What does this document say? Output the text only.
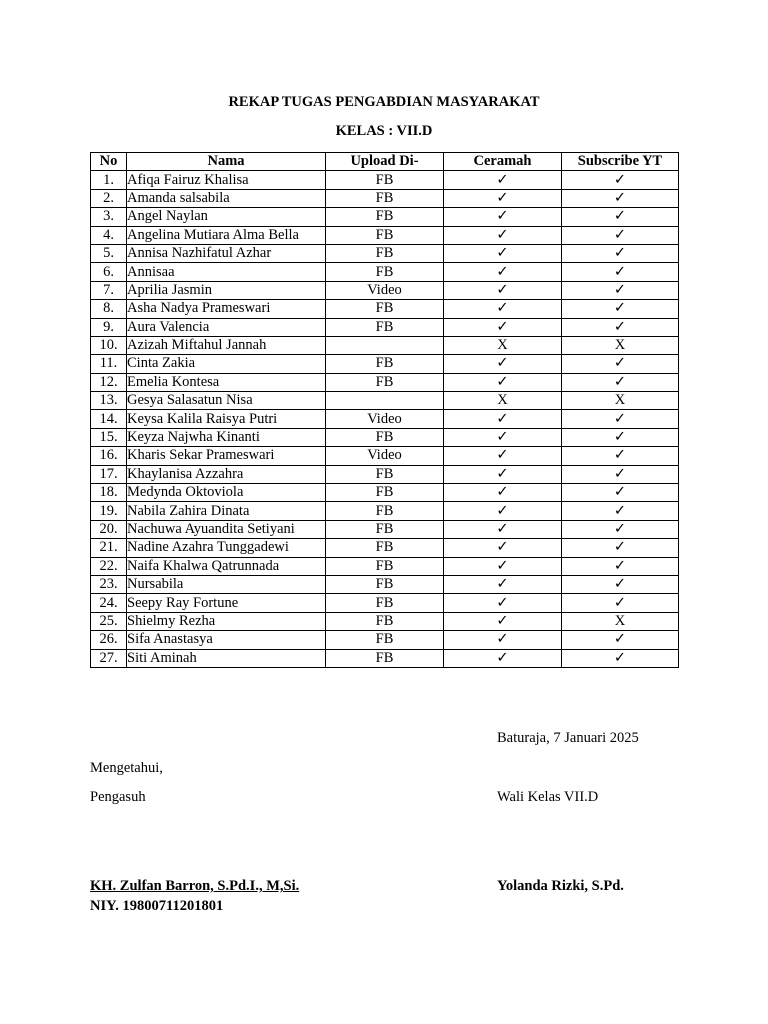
REKAP TUGAS PENGABDIAN MASYARAKAT
KELAS : VII.D
No	Nama	Upload Di-	Ceramah	Subscribe YT
1.	Afiqa Fairuz Khalisa	FB	✓	✓
2.	Amanda salsabila	FB	✓	✓
3.	Angel Naylan	FB	✓	✓
4.	Angelina Mutiara Alma Bella	FB	✓	✓
5.	Annisa Nazhifatul Azhar	FB	✓	✓
6.	Annisaa	FB	✓	✓
7.	Aprilia Jasmin	Video	✓	✓
8.	Asha Nadya Prameswari	FB	✓	✓
9.	Aura Valencia	FB	✓	✓
10.	Azizah Miftahul Jannah		X	X
11.	Cinta Zakia	FB	✓	✓
12.	Emelia Kontesa	FB	✓	✓
13.	Gesya Salasatun Nisa		X	X
14.	Keysa Kalila Raisya Putri	Video	✓	✓
15.	Keyza Najwha Kinanti	FB	✓	✓
16.	Kharis Sekar Prameswari	Video	✓	✓
17.	Khaylanisa Azzahra	FB	✓	✓
18.	Medynda Oktoviola	FB	✓	✓
19.	Nabila Zahira Dinata	FB	✓	✓
20.	Nachuwa Ayuandita Setiyani	FB	✓	✓
21.	Nadine Azahra Tunggadewi	FB	✓	✓
22.	Naifa Khalwa Qatrunnada	FB	✓	✓
23.	Nursabila	FB	✓	✓
24.	Seepy Ray Fortune	FB	✓	✓
25.	Shielmy Rezha	FB	✓	X
26.	Sifa Anastasya	FB	✓	✓
27.	Siti Aminah	FB	✓	✓
Baturaja, 7 Januari 2025
Mengetahui,
Pengasuh	Wali Kelas VII.D
KH. Zulfan Barron, S.Pd.I., M,Si.
NIY. 19800711201801
Yolanda Rizki, S.Pd.
